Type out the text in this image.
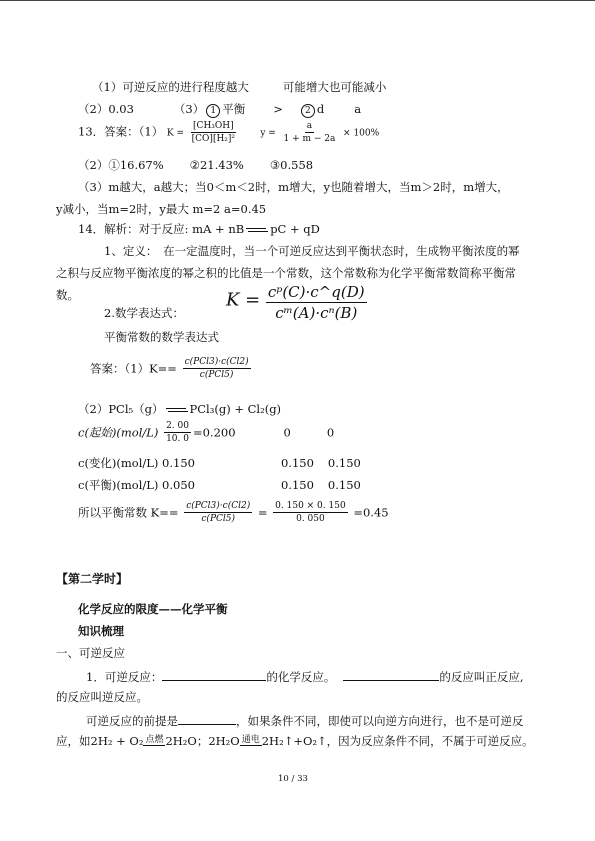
（1）可逆反应的进行程度越大	可能增大也可能减小
（2）0.03	（3） 1 平衡 > 2 d	a
13．答案：（1） $K = \frac{\text{[CH₃OH]}}{\text{[CO][H₂]²}}$	$y = \frac{a}{1 + m - 2a} \times 100\%$
（2）①16.67% ②21.43% ③0.558
（3）m越大，a越大；当0＜m＜2时，m增大，y也随着增大，当m＞2时，m增大，
y减小，当m=2时，y最大 m=2 a=0.45
14．解析：对于反应: mA + nB pC + qD
1、定义：　在一定温度时，当一个可逆反应达到平衡状态时，生成物平衡浓度的幂
之积与反应物平衡浓度的幂之积的比值是一个常数，这个常数称为化学平衡常数简称平衡常
数。
2.数学表达式：
$K = \frac{\text{cᵖ(C)·c\textasciicircum{}q(D)}}{\text{cᵐ(A)·cⁿ(B)}}$
平衡常数的数学表达式
答案：$(1)K== \frac{\text{c(PCl3)·c(Cl2)}}{\text{c(PCl5)}}$
（2）PCl₅（g） PCl₃(g) + Cl₂(g)
c(起始)$(mol/L) \frac{2. 00}{10. 0} =0.200$	0	0
c(变化)(mol/L) 0.150	0.150 0.150
c(平衡)(mol/L) 0.050	0.150 0.150
所以平衡常数 $K== \frac{\text{c(PCl3)·c(Cl2)}}{\text{c(PCl5)}} = \frac{0. 150 \times 0. 150}{0. 050} =0.45$
【第二学时】
化学反应的限度——化学平衡
知识梳理
一、可逆反应
1．可逆反应：	的化学反应。	的反应叫正反应,
的反应叫逆反应。
可逆反应的前提是	，如果条件不同，即使可以向逆方向进行，也不是可逆反
应，如2H₂ + O₂ 点燃 2H₂O；2H₂O 通电 2H₂↑+O₂↑，因为反应条件不同，不属于可逆反应。
10 / 33
